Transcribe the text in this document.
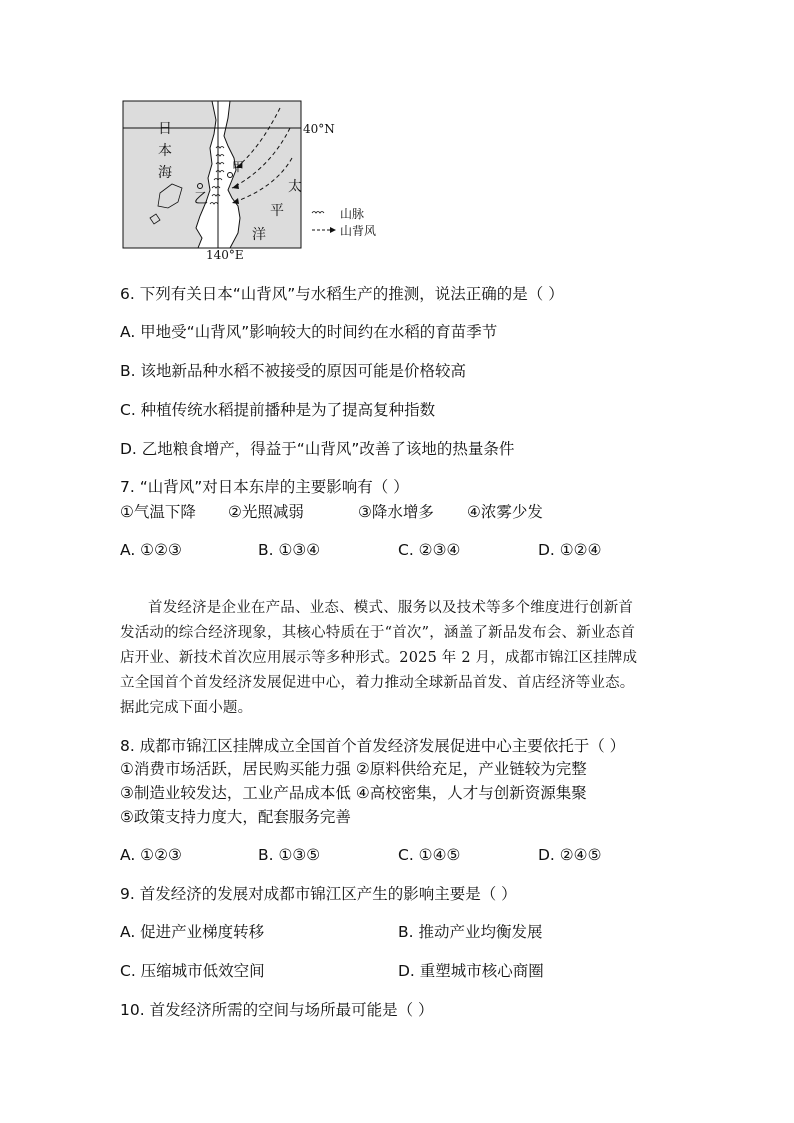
日
本
海
太
平
洋
40°N
140°E
乙
甲
山脉
山背风
6. 下列有关日本“山背风”与水稻生产的推测，说法正确的是（ ）
A. 甲地受“山背风”影响较大的时间约在水稻的育苗季节
B. 该地新品种水稻不被接受的原因可能是价格较高
C. 种植传统水稻提前播种是为了提高复种指数
D. 乙地粮食增产，得益于“山背风”改善了该地的热量条件
7. “山背风”对日本东岸的主要影响有（ ）
①气温下降 ②光照减弱	③降水增多 ④浓雾少发
A. ①②③	B. ①③④	C. ②③④	D. ①②④
首发经济是企业在产品、业态、模式、服务以及技术等多个维度进行创新首
发活动的综合经济现象，其核心特质在于“首次”，涵盖了新品发布会、新业态首
店开业、新技术首次应用展示等多种形式。2025 年 2 月，成都市锦江区挂牌成
立全国首个首发经济发展促进中心，着力推动全球新品首发、首店经济等业态。
据此完成下面小题。
8. 成都市锦江区挂牌成立全国首个首发经济发展促进中心主要依托于（ ）
①消费市场活跃，居民购买能力强 ②原料供给充足，产业链较为完整
③制造业较发达，工业产品成本低 ④高校密集，人才与创新资源集聚
⑤政策支持力度大，配套服务完善
A. ①②③	B. ①③⑤	C. ①④⑤	D. ②④⑤
9. 首发经济的发展对成都市锦江区产生的影响主要是（ ）
A. 促进产业梯度转移	B. 推动产业均衡发展
C. 压缩城市低效空间	D. 重塑城市核心商圈
10. 首发经济所需的空间与场所最可能是（ ）
